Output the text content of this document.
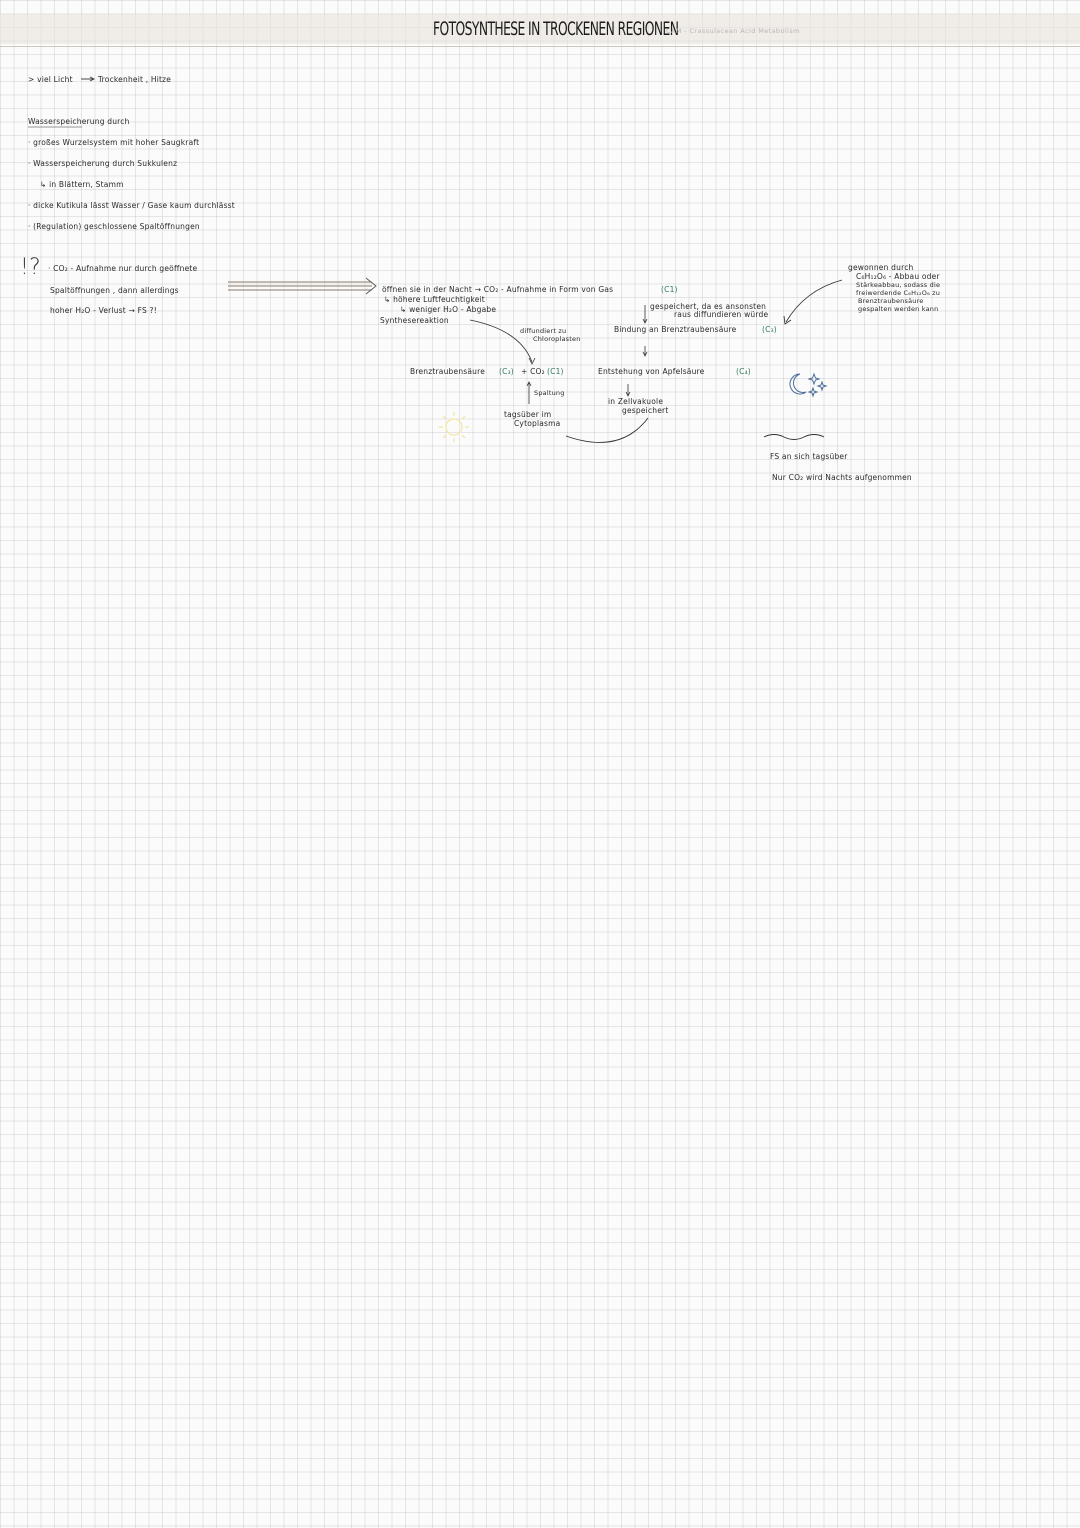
FOTOSYNTHESE IN TROCKENEN REGIONEN
CAM - Crassulacean Acid Metabolism
> viel Licht	Trockenheit , Hitze
Wasserspeicherung durch
· großes Wurzelsystem mit hoher Saugkraft
· Wasserspeicherung durch Sukkulenz
↳ in Blättern, Stamm
· dicke Kutikula lässt Wasser / Gase kaum durchlässt
· (Regulation) geschlossene Spaltöffnungen
!? · CO₂ - Aufnahme nur durch geöffnete
Spaltöffnungen , dann allerdings
hoher H₂O - Verlust → FS ?!
öffnen sie in der Nacht → CO₂ - Aufnahme in Form von Gas	(C1)
↳ höhere Luftfeuchtigkeit
↳ weniger H₂O - Abgabe
Synthesereaktion
diffundiert zu
Chloroplasten
gespeichert, da es ansonsten
raus diffundieren würde
Bindung an Brenztraubensäure	(C₃)
Brenztraubensäure (C₃) + CO₂ (C1)	Entstehung von Apfelsäure	(C₄)
Spaltung
tagsüber im
Cytoplasma
in Zellvakuole
gespeichert
gewonnen durch
C₆H₁₂O₆ - Abbau oder
Stärkeabbau, sodass die
freiwerdende C₆H₁₂O₆ zu
Brenztraubensäure
gespalten werden kann
FS an sich tagsüber
Nur CO₂ wird Nachts aufgenommen
